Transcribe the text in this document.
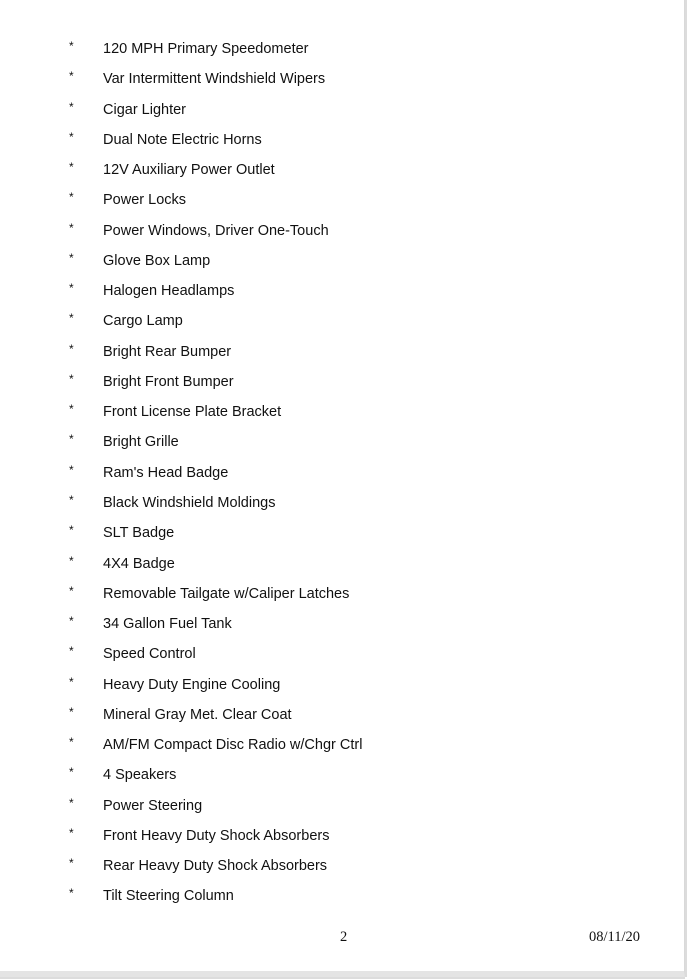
* 120 MPH Primary Speedometer
* Var Intermittent Windshield Wipers
* Cigar Lighter
* Dual Note Electric Horns
* 12V Auxiliary Power Outlet
* Power Locks
* Power Windows, Driver One-Touch
* Glove Box Lamp
* Halogen Headlamps
* Cargo Lamp
* Bright Rear Bumper
* Bright Front Bumper
* Front License Plate Bracket
* Bright Grille
* Ram's Head Badge
* Black Windshield Moldings
* SLT Badge
* 4X4 Badge
* Removable Tailgate w/Caliper Latches
* 34 Gallon Fuel Tank
* Speed Control
* Heavy Duty Engine Cooling
* Mineral Gray Met. Clear Coat
* AM/FM Compact Disc Radio w/Chgr Ctrl
* 4 Speakers
* Power Steering
* Front Heavy Duty Shock Absorbers
* Rear Heavy Duty Shock Absorbers
* Tilt Steering Column
2	08/11/20
